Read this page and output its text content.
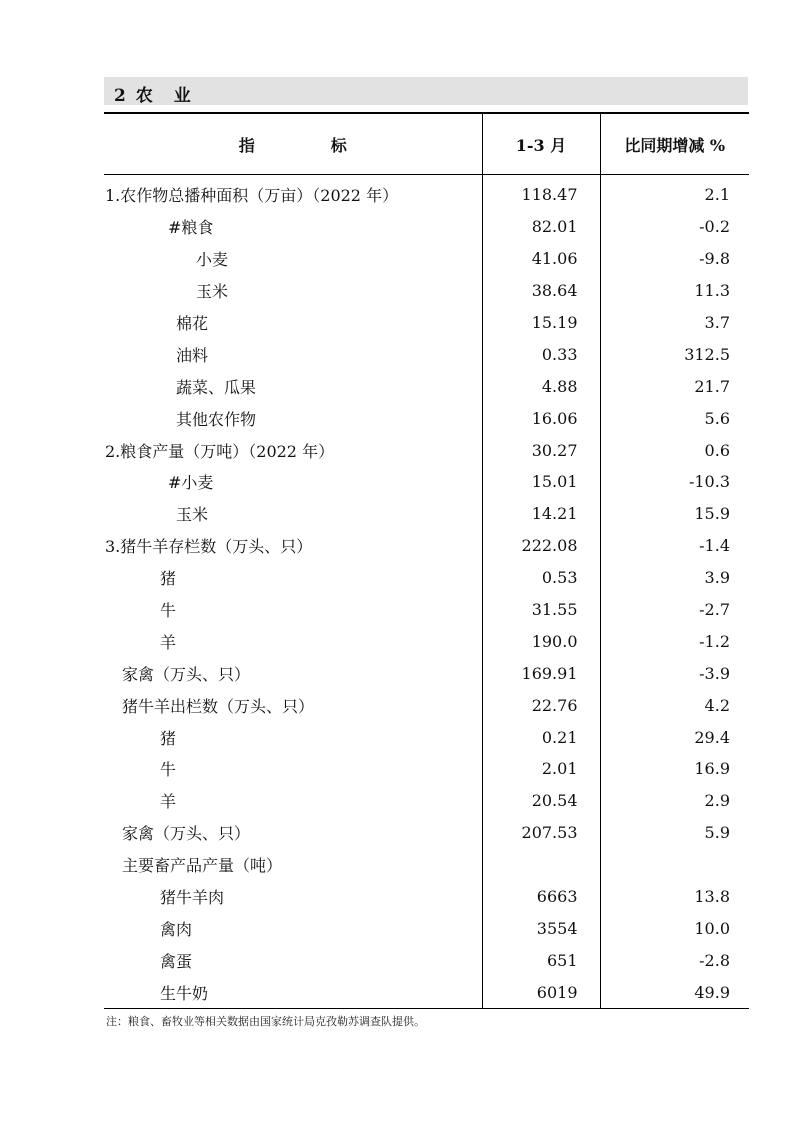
2 农　业
指 标	1-3 月	比同期增减 %
1.农作物总播种面积（万亩）（2022 年）	118.47	2.1
#粮食	82.01	-0.2
小麦	41.06	-9.8
玉米	38.64	11.3
棉花	15.19	3.7
油料	0.33	312.5
蔬菜、瓜果	4.88	21.7
其他农作物	16.06	5.6
2.粮食产量（万吨）（2022 年）	30.27	0.6
#小麦	15.01	-10.3
玉米	14.21	15.9
3.猪牛羊存栏数（万头、只）	222.08	-1.4
猪	0.53	3.9
牛	31.55	-2.7
羊	190.0	-1.2
家禽（万头、只）	169.91	-3.9
猪牛羊出栏数（万头、只）	22.76	4.2
猪	0.21	29.4
牛	2.01	16.9
羊	20.54	2.9
家禽（万头、只）	207.53	5.9
主要畜产品产量（吨）		
猪牛羊肉	6663	13.8
禽肉	3554	10.0
禽蛋	651	-2.8
生牛奶	6019	49.9
注：粮食、畜牧业等相关数据由国家统计局克孜勒苏调查队提供。
